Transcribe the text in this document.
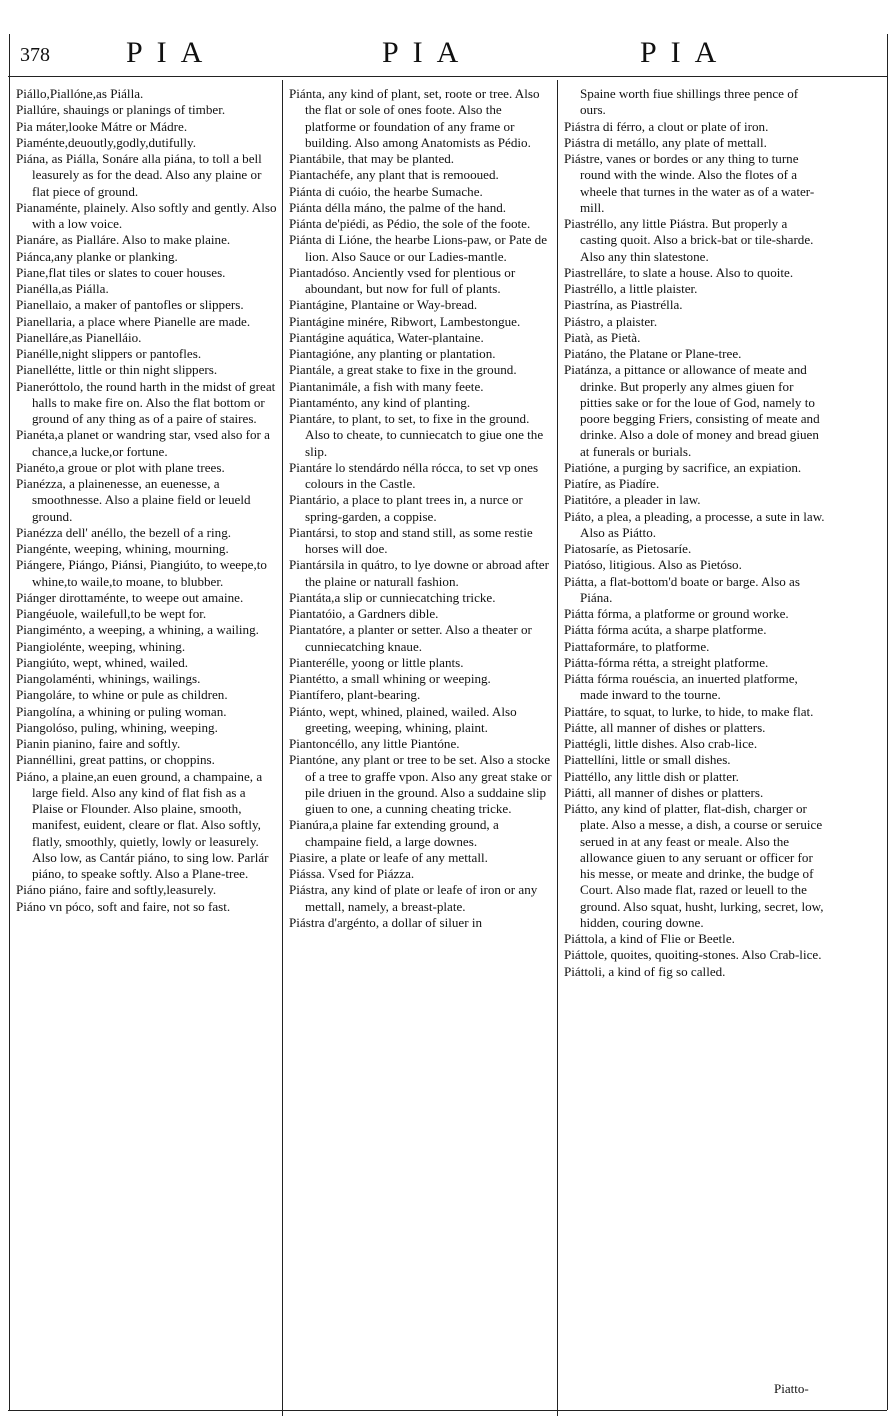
378	PIA	PIA	PIA

Piállo,Piallóne,as Piálla.

Piallúre, shauings or planings of timber.

Pia máter,looke Mátre or Mádre.

Piaménte,deuoutly,godly,dutifully.

Piána, as Piálla, Sonáre alla piána, to toll a bell leasurely as for the dead. Also any plaine or flat piece of ground.

Pianaménte, plainely. Also softly and gently. Also with a low voice.

Pianáre, as Pialláre. Also to make plaine.

Piánca,any planke or planking.

Piane,flat tiles or slates to couer houses.

Pianélla,as Piálla.

Pianellaio, a maker of pantofles or slippers.

Pianellaria, a place where Pianelle are made.

Pianelláre,as Pianelláio.

Pianélle,night slippers or pantofles.

Pianellétte, little or thin night slippers.

Pianeróttolo, the round harth in the midst of great halls to make fire on. Also the flat bottom or ground of any thing as of a paire of staires.

Pianéta,a planet or wandring star, vsed also for a chance,a lucke,or fortune.

Pianéto,a groue or plot with plane trees.

Pianézza, a plainenesse, an euenesse, a smoothnesse. Also a plaine field or leueld ground.

Pianézza dell' anéllo, the bezell of a ring.

Piangénte, weeping, whining, mourning.

Piángere, Piángo, Piánsi, Piangiúto, to weepe,to whine,to waile,to moane, to blubber.

Piánger dirottaménte, to weepe out amaine.

Piangéuole, wailefull,to be wept for.

Piangiménto, a weeping, a whining, a wailing.

Piangiolénte, weeping, whining.

Piangiúto, wept, whined, wailed.

Piangolaménti, whinings, wailings.

Piangoláre, to whine or pule as children.

Piangolína, a whining or puling woman.

Piangolóso, puling, whining, weeping.

Pianin pianino, faire and softly.

Piannéllini, great pattins, or choppins.

Piáno, a plaine,an euen ground, a champaine, a large field. Also any kind of flat fish as a Plaise or Flounder. Also plaine, smooth, manifest, euident, cleare or flat. Also softly, flatly, smoothly, quietly, lowly or leasurely. Also low, as Cantár piáno, to sing low. Parlár piáno, to speake softly. Also a Plane-tree.

Piáno piáno, faire and softly,leasurely.

Piáno vn póco, soft and faire, not so fast.

Piánta, any kind of plant, set, roote or tree. Also the flat or sole of ones foote. Also the platforme or foundation of any frame or building. Also among Anatomists as Pédio.

Piantábile, that may be planted.

Piantachéfe, any plant that is remooued.

Piánta di cuóio, the hearbe Sumache.

Piánta délla máno, the palme of the hand.

Piánta de'piédi, as Pédio, the sole of the foote.

Piánta di Lióne, the hearbe Lions-paw, or Pate de lion. Also Sauce or our Ladies-mantle.

Piantadóso. Anciently vsed for plentious or aboundant, but now for full of plants.

Piantágine, Plantaine or Way-bread.

Piantágine minére, Ribwort, Lambestongue.

Piantágine aquática, Water-plantaine.

Piantagióne, any planting or plantation.

Piantále, a great stake to fixe in the ground.

Piantanimále, a fish with many feete.

Piantaménto, any kind of planting.

Piantáre, to plant, to set, to fixe in the ground. Also to cheate, to cunniecatch to giue one the slip.

Piantáre lo stendárdo nélla rócca, to set vp ones colours in the Castle.

Piantário, a place to plant trees in, a nurce or spring-garden, a coppise.

Piantársi, to stop and stand still, as some restie horses will doe.

Piantársila in quátro, to lye downe or abroad after the plaine or naturall fashion.

Piantáta,a slip or cunniecatching tricke.

Piantatóio, a Gardners dible.

Piantatóre, a planter or setter. Also a theater or cunniecatching knaue.

Pianterélle, yoong or little plants.

Piantétto, a small whining or weeping.

Piantífero, plant-bearing.

Piánto, wept, whined, plained, wailed. Also greeting, weeping, whining, plaint.

Piantoncéllo, any little Piantóne.

Piantóne, any plant or tree to be set. Also a stocke of a tree to graffe vpon. Also any great stake or pile driuen in the ground. Also a suddaine slip giuen to one, a cunning cheating tricke.

Pianúra,a plaine far extending ground, a champaine field, a large downes.

Piasire, a plate or leafe of any mettall.

Piássa. Vsed for Piázza.

Piástra, any kind of plate or leafe of iron or any mettall, namely, a breast-plate.

Piástra d'argénto, a dollar of siluer in

Spaine worth fiue shillings three pence of ours.

Piástra di férro, a clout or plate of iron.

Piástra di metállo, any plate of mettall.

Piástre, vanes or bordes or any thing to turne round with the winde. Also the flotes of a wheele that turnes in the water as of a water-mill.

Piastréllo, any little Piástra. But properly a casting quoit. Also a brick-bat or tile-sharde. Also any thin slatestone.

Piastrelláre, to slate a house. Also to quoite.

Piastréllo, a little plaister.

Piastrína, as Piastrélla.

Piástro, a plaister.

Piatà, as Pietà.

Piatáno, the Platane or Plane-tree.

Piatánza, a pittance or allowance of meate and drinke. But properly any almes giuen for pitties sake or for the loue of God, namely to poore begging Friers, consisting of meate and drinke. Also a dole of money and bread giuen at funerals or burials.

Piatióne, a purging by sacrifice, an expiation.

Piatíre, as Piadíre.

Piatitóre, a pleader in law.

Piáto, a plea, a pleading, a processe, a sute in law. Also as Piátto.

Piatosaríe, as Pietosaríe.

Piatóso, litigious. Also as Pietóso.

Piátta, a flat-bottom'd boate or barge. Also as Piána.

Piátta fórma, a platforme or ground worke.

Piátta fórma acúta, a sharpe platforme.

Piattaformáre, to platforme.

Piátta-fórma rétta, a streight platforme.

Piátta fórma rouéscia, an inuerted platforme, made inward to the tourne.

Piattáre, to squat, to lurke, to hide, to make flat.

Piátte, all manner of dishes or platters.

Piattégli, little dishes. Also crab-lice.

Piattellíni, little or small dishes.

Piattéllo, any little dish or platter.

Piátti, all manner of dishes or platters.

Piátto, any kind of platter, flat-dish, charger or plate. Also a messe, a dish, a course or seruice serued in at any feast or meale. Also the allowance giuen to any seruant or officer for his messe, or meate and drinke, the budge of Court. Also made flat, razed or leuell to the ground. Also squat, husht, lurking, secret, low, hidden, couring downe.

Piáttola, a kind of Flie or Beetle.

Piáttole, quoites, quoiting-stones. Also Crab-lice.

Piáttoli, a kind of fig so called.

Piatto-
